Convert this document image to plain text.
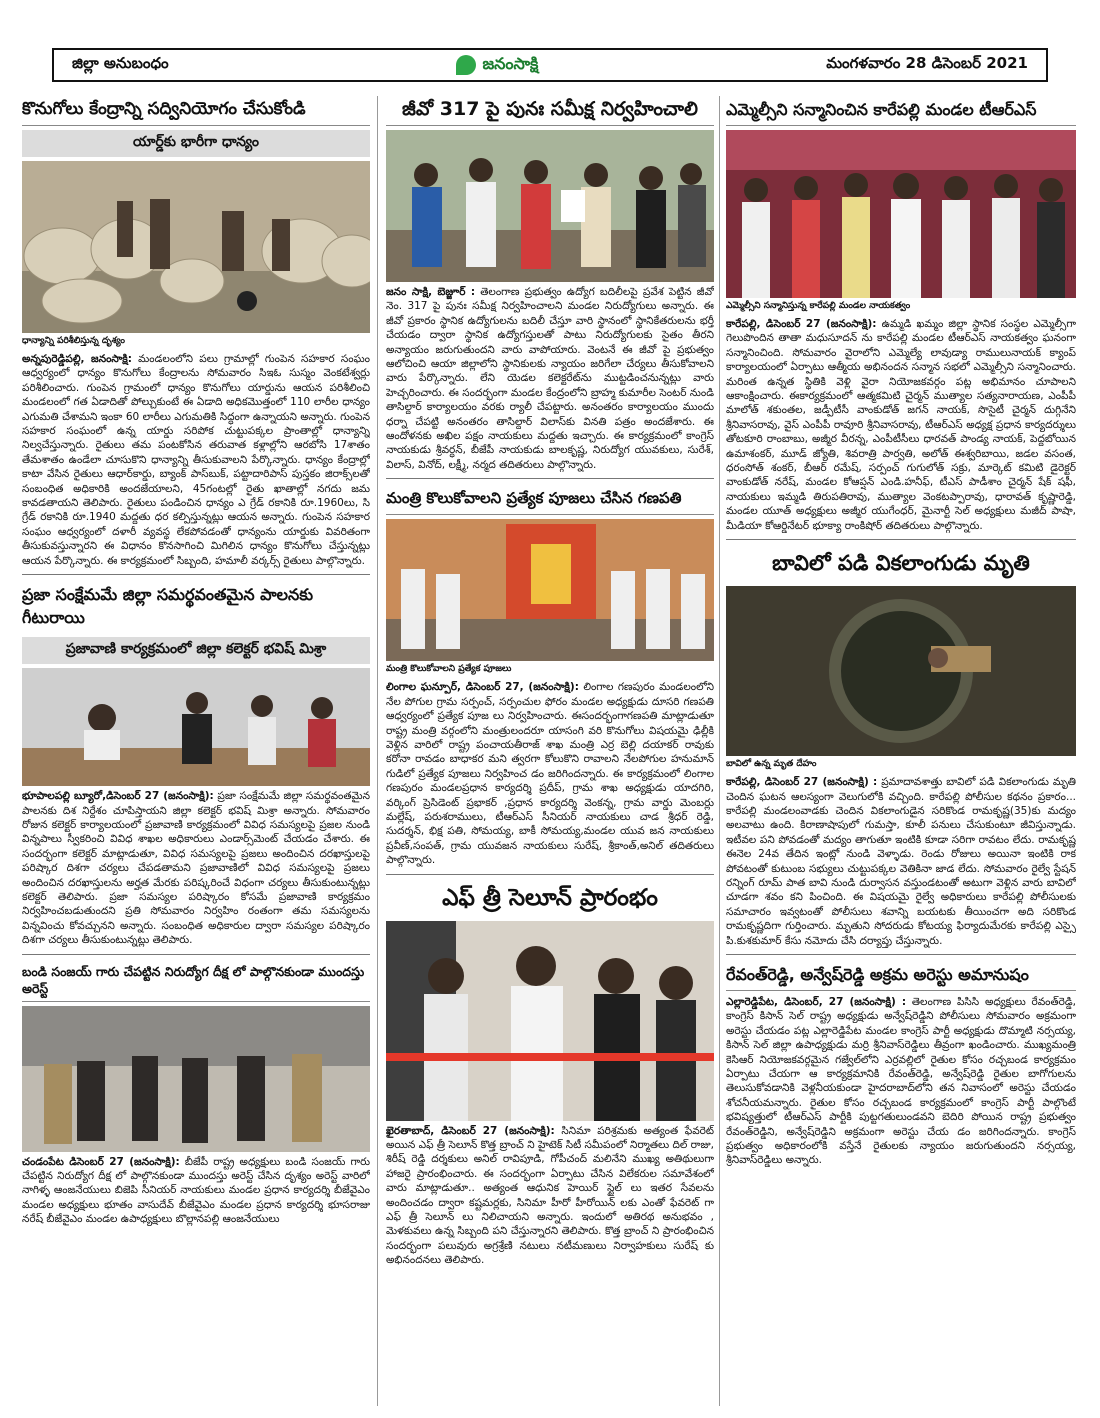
జిల్లా అనుబంధం	జనంసాక్షి	మంగళవారం 28 డిసెంబర్ 2021
కొనుగోలు కేంద్రాన్ని సద్వినియోగం చేసుకోండి
యార్డ్‌కు భారీగా ధాన్యం
ధాన్యాన్ని పరిశీలిస్తున్న దృశ్యం

అన్నపురెడ్డిపల్లి, జనంసాక్షి: మండలంలోని పలు గ్రామాల్లో గుంపెన సహకార సంఘం ఆధ్వర్యంలో ధాన్యం కొనుగోలు కేంద్రాలను సోమవారం సిఇఓ సుస్మం వెంకటేశ్వర్లు పరిశీలించారు. గుంపెన గ్రామంలో ధాన్యం కొనుగోలు యార్డును ఆయన పరిశీలించి మండలంలో గత ఏడాదితో పోల్చుకుంటే ఈ ఏడాది అధికమొత్తంలో 110 లారీల ధాన్యం ఎగుమతి చేశామని ఇంకా 60 లారీలు ఎగుమతికి సిద్ధంగా ఉన్నాయని అన్నారు. గుంపెన సహకార సంఘంలో ఉన్న యార్డు సరిపోక చుట్టుపక్కల ప్రాంతాల్లో ధాన్యాన్ని నిల్వచేస్తున్నారు. రైతులు తమ పంటకోసిన తరువాత కళ్లాల్లోని ఆరబోసి 17శాతం తేమశాతం ఉండేలా చూసుకొని ధాన్యాన్ని తీసుకువాలని పేర్కొన్నారు. ధాన్యం కేంద్రాల్లో కాటా వేసిన రైతులు ఆధార్‌కార్డు, బ్యాంక్ పాస్‌బుక్, పట్టాదారిపాస్ పుస్తకం జిరాక్స్‌లతో సంబంధిత అధికారికి అందజేయాలని, 45గంటల్లో రైతు ఖాతాల్లో నగదు జమ కావడతాయని తెలిపారు. రైతులు పండించిన ధాన్యం ఎ గ్రేడ్ రకానికి రూ.1960లు, సి గ్రేడ్ రకానికి రూ.1940 మద్దతు ధర కల్పిస్తున్నట్లు ఆయన అన్నారు. గుంపెన సహకార సంఘం ఆధ్వర్యంలో దళారీ వ్యవస్థ లేకపోవడంతో ధాన్యంను యార్డుకు వివరితంగా తీసుకువస్తున్నారని ఈ విధానం కొనసాగించి మిగిలిన ధాన్యం కొనుగోలు చేస్తున్నట్లు ఆయన పేర్కొన్నారు. ఈ కార్యక్రమంలో సిబ్బంది, హమాలీ వర్కర్స్ రైతులు పాల్గొన్నారు.

ప్రజా సంక్షేమమే జిల్లా సమర్థవంతమైన పాలనకు గీటురాయి
ప్రజావాణి కార్యక్రమంలో జిల్లా కలెక్టర్ భవిష్ మిశ్రా

భూపాలపల్లి బ్యూరో,డిసెంబర్ 27 (జనంసాక్షి): ప్రజా సంక్షేమమే జిల్లా సమర్థవంతమైన పాలనకు దిశ నిర్దేశం చూపిస్తాయని జిల్లా కలెక్టర్ భవిష్ మిశ్రా అన్నారు. సోమవారం రోజున కలెక్టర్ కార్యాలయంలో ప్రజావాణి కార్యక్రమంలో వివిధ సమస్యలపై ప్రజల నుండి విన్నపాలు స్వీకరించి వివిధ శాఖల అధికారులు ఎండార్స్‌మెంట్ చేయడం చేశారు. ఈ సందర్భంగా కలెక్టర్ మాట్లాడుతూ, వివిధ సమస్యలపై ప్రజలు అందించిన దరఖాస్తులపై పరిష్కార దిశగా చర్యలు చేపడతామని ప్రజావాణిలో వివిధ సమస్యలపై ప్రజలు అందించిన దరఖాస్తులను అర్హత మేరకు పరిష్కరించే విధంగా చర్యలు తీసుకుంటున్నట్లు కలెక్టర్ తెలిపారు. ప్రజా సమస్యల పరిష్కారం కోసమే ప్రజావాణి కార్యక్రమం నిర్వహించబడుతుందని ప్రతి సోమవారం నిర్వహిం రంతంగా తమ సమస్యలను విన్నవించు కోవచ్చునని అన్నారు. సంబంధిత అధికారుల ద్వారా సమస్యల పరిష్కారం దిశగా చర్యలు తీసుకుంటున్నట్లు తెలిపారు.

బండి సంజయ్ గారు చేపట్టిన నిరుద్యోగ దీక్ష లో పాల్గొనకుండా ముందస్తు అరెస్ట్

చండంపేట డిసెంబర్ 27 (జనంసాక్షి): బీజేపీ రాష్ట్ర అధ్యక్షులు బండి సంజయ్ గారు చేపట్టిన నిరుద్యోగ దీక్ష లో పాల్గొనకుండా ముందస్తు అరెస్ట్ చేసిన దృశ్యం అరెస్ట్ వారిలో నాగిళ్ళ ఆంజనేయులు బిజెపి సీనియర్ నాయకులు మండల ప్రధాన కార్యదర్శి బీజేవైఎం మండల అధ్యక్షులు భూతం వాసుదేవ్ బీజేవైఎం మండల ప్రధాన కార్యదర్శి భూసరాజు నరేష్ బీజేవైఎం మండల ఉపాధ్యక్షులు బొల్లానపల్లి ఆంజనేయులు

జీవో 317 పై పునః సమీక్ష నిర్వహించాలి

జనం సాక్షి, బెజ్జూర్ : తెలంగాణ ప్రభుత్వం ఉద్యోగ బదిలీలపై ప్రవేశ పెట్టిన జీవో నెం. 317 పై పునః సమీక్ష నిర్వహించాలని మండల నిరుద్యోగులు అన్నారు. ఈ జీవో ప్రకారం స్థానిక ఉద్యోగులను బదిలీ చేస్తూ వారి స్థానంలో స్థానికేతరులను భర్తీ చేయడం ద్వారా స్థానిక ఉద్యోగస్తులతో పాటు నిరుద్యోగులకు సైతం తీరని అన్యాయం జరుగుతుందని వారు వాపోయారు. వెంటనే ఈ జీవో పై ప్రభుత్వం ఆలోచించి ఆయా జిల్లాలోని స్థానికులకు న్యాయం జరిగేలా చేర్యలు తీసుకోవాలని వారు పేర్కొన్నారు. లేని యెడల కలెక్టరేట్‌ను ముట్టడించనున్నట్లు వారు హెచ్చరించారు. ఈ సందర్భంగా మండల కేంద్రంలోని బ్రాహ్మ కుమారీల సెంటర్ నుండి తాసిల్దార్ కార్యాలయం వరకు ర్యాలీ చేపట్టారు. అనంతరం కార్యాలయం ముందు ధర్నా చేపట్టి అనంతరం తాసిల్దార్ విలాస్‌కు వినతి పత్రం అందజేశారు. ఈ ఆందోళనకు అఖిల పక్షం నాయకులు మద్దతు ఇచ్చారు. ఈ కార్యక్రమంలో కాంగ్రెస్ నాయకుడు శ్రీవర్ధన్, బీజేపీ నాయకుడు బాలకృష్ణ, నిరుద్యోగ యువకులు, సురేశ్, విలాస్, వినోద్, లక్ష్మీ, నర్మద తదితరులు పాల్గొన్నారు.

మంత్రి కొలుకోవాలని ప్రత్యేక పూజలు చేసిన గణపతి
మంత్రి కొలుకోవాలని ప్రత్యేక పూజలు

లింగాల ఘన్పూర్, డిసెంబర్ 27, (జనంసాక్షి): లింగాల గణపురం మండలంలోని నేల పోగుల గ్రామ సర్పంచ్, సర్పంచుల ఫోరం మండల అధ్యక్షుడు దూసరి గణపతి ఆధ్వర్యంలో ప్రత్యేక పూజ లు నిర్వహించారు. ఈసందర్భంగాగణపతి మాట్లాడుతూ రాష్ట్ర మంత్రి వర్గంలోని మంత్రులందరూ యాసంగి వరి కొనుగోలు విషయమై ఢిల్లీకి వెళ్లిన వారిలో రాష్ట్ర పంచాయతీరాజ్ శాఖ మంత్రి ఎర్ర బెల్లి దయాకర్ రావుకు కరోనా రావడం బాధాకర మని త్వరగా కోలుకొని రావాలని నేలపోగుల హనుమాన్ గుడిలో ప్రత్యేక పూజలు నిర్వహించ డం జరిగిందన్నారు. ఈ కార్యక్రమంలో లింగాల గణపురం మండలప్రధాన కార్యదర్శి ప్రదీప్, గ్రామ శాఖ అధ్యక్షుడు యాదగిరి, వర్కింగ్ ప్రెసిడెంట్ ప్రభాకర్ ,ప్రధాన కార్యదర్శి వెంకన్న, గ్రామ వార్డు మెంబర్లు మల్లేష్, పరుశరాములు, టీఆర్ఎస్ సీనియర్ నాయకులు చాడ శ్రీధర్ రెడ్డి, సుదర్శన్, భిక్ష పతి, సోమయ్య, బాకీ సోమయ్య,మండల యువ జన నాయకులు ప్రవీణ్,సంపత్, గ్రామ యువజన నాయకులు సురేష్, శ్రీకాంత్,అనిల్ తదితరులు పాల్గొన్నారు.

ఎఫ్ త్రీ సెలూన్ ప్రారంభం

ఖైరతాబాద్, డిసెంబర్ 27 (జనంసాక్షి): సినిమా పరిశ్రమకు అత్యంత ఫేవరెట్ అయిన ఎఫ్ త్రీ సెలూన్ కొత్త బ్రాంచ్ ని హైటెక్ సిటీ సమీపంలో నిర్మాతలు దిల్ రాజు, శిరీష్ రెడ్డి దర్శకులు అనిల్ రావిపూడి, గోపీచంద్ మలినేని ముఖ్య అతిథులుగా హాజరై ప్రారంభించారు. ఈ సందర్భంగా ఏర్పాటు చేసిన విలేకరుల సమావేశంలో వారు మాట్లాడుతూ.. అత్యంత ఆధునిక హెయిర్ స్టైల్ లు ఇతర సేవలను అందించడం ద్వారా కష్టమర్లకు, సినిమా హీరో హీరోయిన్ లకు ఎంతో ఫేవరెట్ గా ఎఫ్ త్రీ సెలూన్ లు నిలిచాయని అన్నారు. ఇందులో అతిరథ అనుభవం , మెళకువలు ఉన్న సిబ్బంది పని చేస్తున్నారని తెలిపారు. కొత్త బ్రాంచ్ ని ప్రారంభించిన సందర్భంగా పలువురు అగ్రశ్రేణి నటులు నటీమణులు నిర్వాహకులు సురేష్ కు అభినందనలు తెలిపారు.

ఎమ్మెల్సీని సన్మానించిన కారేపల్లి మండల టీఆర్ఎస్
ఎమ్మెల్సీని సన్మానిస్తున్న కారేపల్లి మండల నాయకత్వం

కారేపల్లి, డిసెంబర్ 27 (జనంసాక్షి): ఉమ్మడి ఖమ్మం జిల్లా స్థానిక సంస్థల ఎమ్మెల్సీగా గెలుపొందిన తాతా మధుసూదన్ ను కారేపల్లి మండల టీఆర్ఎస్ నాయకత్వం ఘనంగా సన్మానించింది. సోమవారం వైరాలోని ఎమ్మెల్యే లావుడ్యా రాములునాయక్ క్యాంప్ కార్యాలయంలో ఏర్పాటు ఆత్మీయ అభినందన సన్మాన సభలో ఎమ్మెల్సీని సన్మానించారు. మరింత ఉన్నత స్థితికి వెళ్లి వైరా నియోజకవర్గం పట్ల అభిమానం చూపాలని ఆకాంక్షించారు. ఈకార్యక్రమంలో ఆత్మకమిటి చైర్మన్ ముత్యాల సత్యనారాయణ, ఎంపీపీ మాలోత్ శకుంతల, జడ్పీటీసీ వాంకుడోత్ జగన్ నాయక్, సొసైటీ చైర్మన్ దుగ్గినేని శ్రీనివాసరావు, వైస్ ఎంపీపీ రావూరి శ్రీనివాసరావు, టీఆర్ఎస్ అధ్యక్ష ప్రధాన కార్యదర్శులు తోటకూరి రాంబాబు, అజ్మీర వీరన్న, ఎంపీటీసీలు ధారవత్ పాండ్య నాయక్, పెద్దబోయిన ఉమాశంకర్, మూడ్ జ్యోతి, శివరాత్రి పార్వతి, అలోత్ ఈశ్వరిబాయి, జడల వసంత, ధరంసోత్ శంకర్, బీఆర్ రమేష్, సర్పంచ్ గుగులోత్ సక్రు, మార్కెట్ కమిటి డైరెక్టర్ వాంకుడోత్ నరేష్, మండల కోఆప్షన్ ఎండి.హనీఫ్, టీఎస్ పాడీశాం చైర్మన్ షేక్ షఫీ, నాయకులు ఇమ్మడి తిరుపతిరావు, ముత్యాల వెంకటప్పారావు, ధారావత్ కృష్ణారెడ్డి, మండల యూత్ అధ్యక్షులు అజ్మీర యుగేంధర్, మైనార్టీ సెల్ అధ్యక్షులు మజీద్ పాషా, మీడియా కోఆర్డినేటర్ భూక్యా రాంకిషోర్ తదితరులు పాల్గొన్నారు.

బావిలో పడి వికలాంగుడు మృతి
బావిలో ఉన్న మృత దేహం

కారేపల్లి, డిసెంబర్ 27 (జనంసాక్షి) : ప్రమాదావశాత్తు బావిలో పడి వికలాంగుడు మృతి చెందిన ఘటన ఆలస్యంగా వెలుగులోకి వచ్చింది. కారేపల్లి పోలీసుల కథనం ప్రకారం... కారేపల్లి మండలంవాడకు చెందిన వికలాంగుడైన సరికొండ రామకృష్ణ(35)కు మద్యం అలవాటు ఉంది. కిరాణాషాపులో గుమస్తా, కూలీ పనులు చేసుకుంటూ జీవిస్తున్నాడు. ఇటీవల పని పోవడంతో మద్యం తాగుతూ ఇంటికి కూడా సరిగా రావటం లేదు. రామకృష్ణ ఈనెల 24వ తేదిన ఇంట్లో నుండి వెళ్ళాడు. రెండు రోజులు అయినా ఇంటికి రాక పోవటంతో కుటుంబ సభ్యులు చుట్టుపక్కల వెతికినా జాడ లేదు. సోమవారం రైల్వే స్టేషన్ రన్నింగ్ రూమ్ పాత బావి నుండి దుర్వాసన వస్తుండటంతో అటుగా వెళ్లిన వారు బావిలో చూడగా శవం కని పించింది. ఈ విషయమై రైల్వే అధికారులు కారేపల్లి పోలీసులకు సమాచారం ఇవ్వటంతో పోలీసులు శవాన్ని బయటకు తీయించగా అది సరికొండ రామకృష్ణదిగా గుర్తించారు. మృతుని సోదరుడు కోటయ్య ఫిర్యాదుమేరకు కారేపల్లి ఎస్సై పి.కుశకుమార్ కేసు నమోదు చేసి దర్యాప్తు చేస్తున్నారు.

రేవంత్‌రెడ్డి, అన్వేష్‌రెడ్డి అక్రమ అరెస్టు అమానుషం

ఎల్లారెడ్డిపేట, డిసెంబర్, 27 (జనంసాక్షి) : తెలంగాణ పిసిసి అధ్యక్షులు రేవంత్‌రెడ్డి, కాంగ్రెస్ కిసాన్ సెల్ రాష్ట్ర అధ్యక్షుడు అన్వేష్‌రెడ్డిని పోలీసులు సోమవారం అక్రమంగా అరెస్టు చేయడం పట్ల ఎల్లారెడ్డిపేట మండల కాంగ్రెస్ పార్టీ అధ్యక్షుడు దొమ్మాటి నర్సయ్య, కిసాన్ సెల్ జిల్లా ఉపాధ్యక్షుడు మర్రి శ్రీనివాస్‌రెడ్డిలు తీవ్రంగా ఖండించారు. ముఖ్యమంత్రి కెసిఆర్ నియోజకవర్గమైన గజ్వేల్‌లోని ఎర్రవల్లిలో రైతుల కోసం రచ్చబండ కార్యక్రమం ఏర్పాటు చేయగా ఆ కార్యక్రమానికి రేవంత్‌రెడ్డి, అన్వేష్‌రెడ్డి రైతుల బాగోగులను తెలుసుకోవడానికి వెళ్లనీయకుండా హైదరాబాద్‌లోని తన నివాసంలో అరెస్టు చేయడం శోచనీయమన్నారు. రైతుల కోసం రచ్చబండ కార్యక్రమంలో కాంగ్రెస్ పార్టీ పాల్గొంటే భవిష్యత్తులో టీఆర్ఎస్ పార్టీకి పుట్టగతులుండవని బెదిరి పోయిన రాష్ట్ర ప్రభుత్వం రేవంత్‌రెడ్డిని, అన్వేష్‌రెడ్డిని అక్రమంగా అరెస్టు చేయ డం జరిగిందన్నారు. కాంగ్రెస్ ప్రభుత్వం అధికారంలోకి వస్తేనే రైతులకు న్యాయం జరుగుతుందని నర్సయ్య, శ్రీనివాస్‌రెడ్డిలు అన్నారు.
